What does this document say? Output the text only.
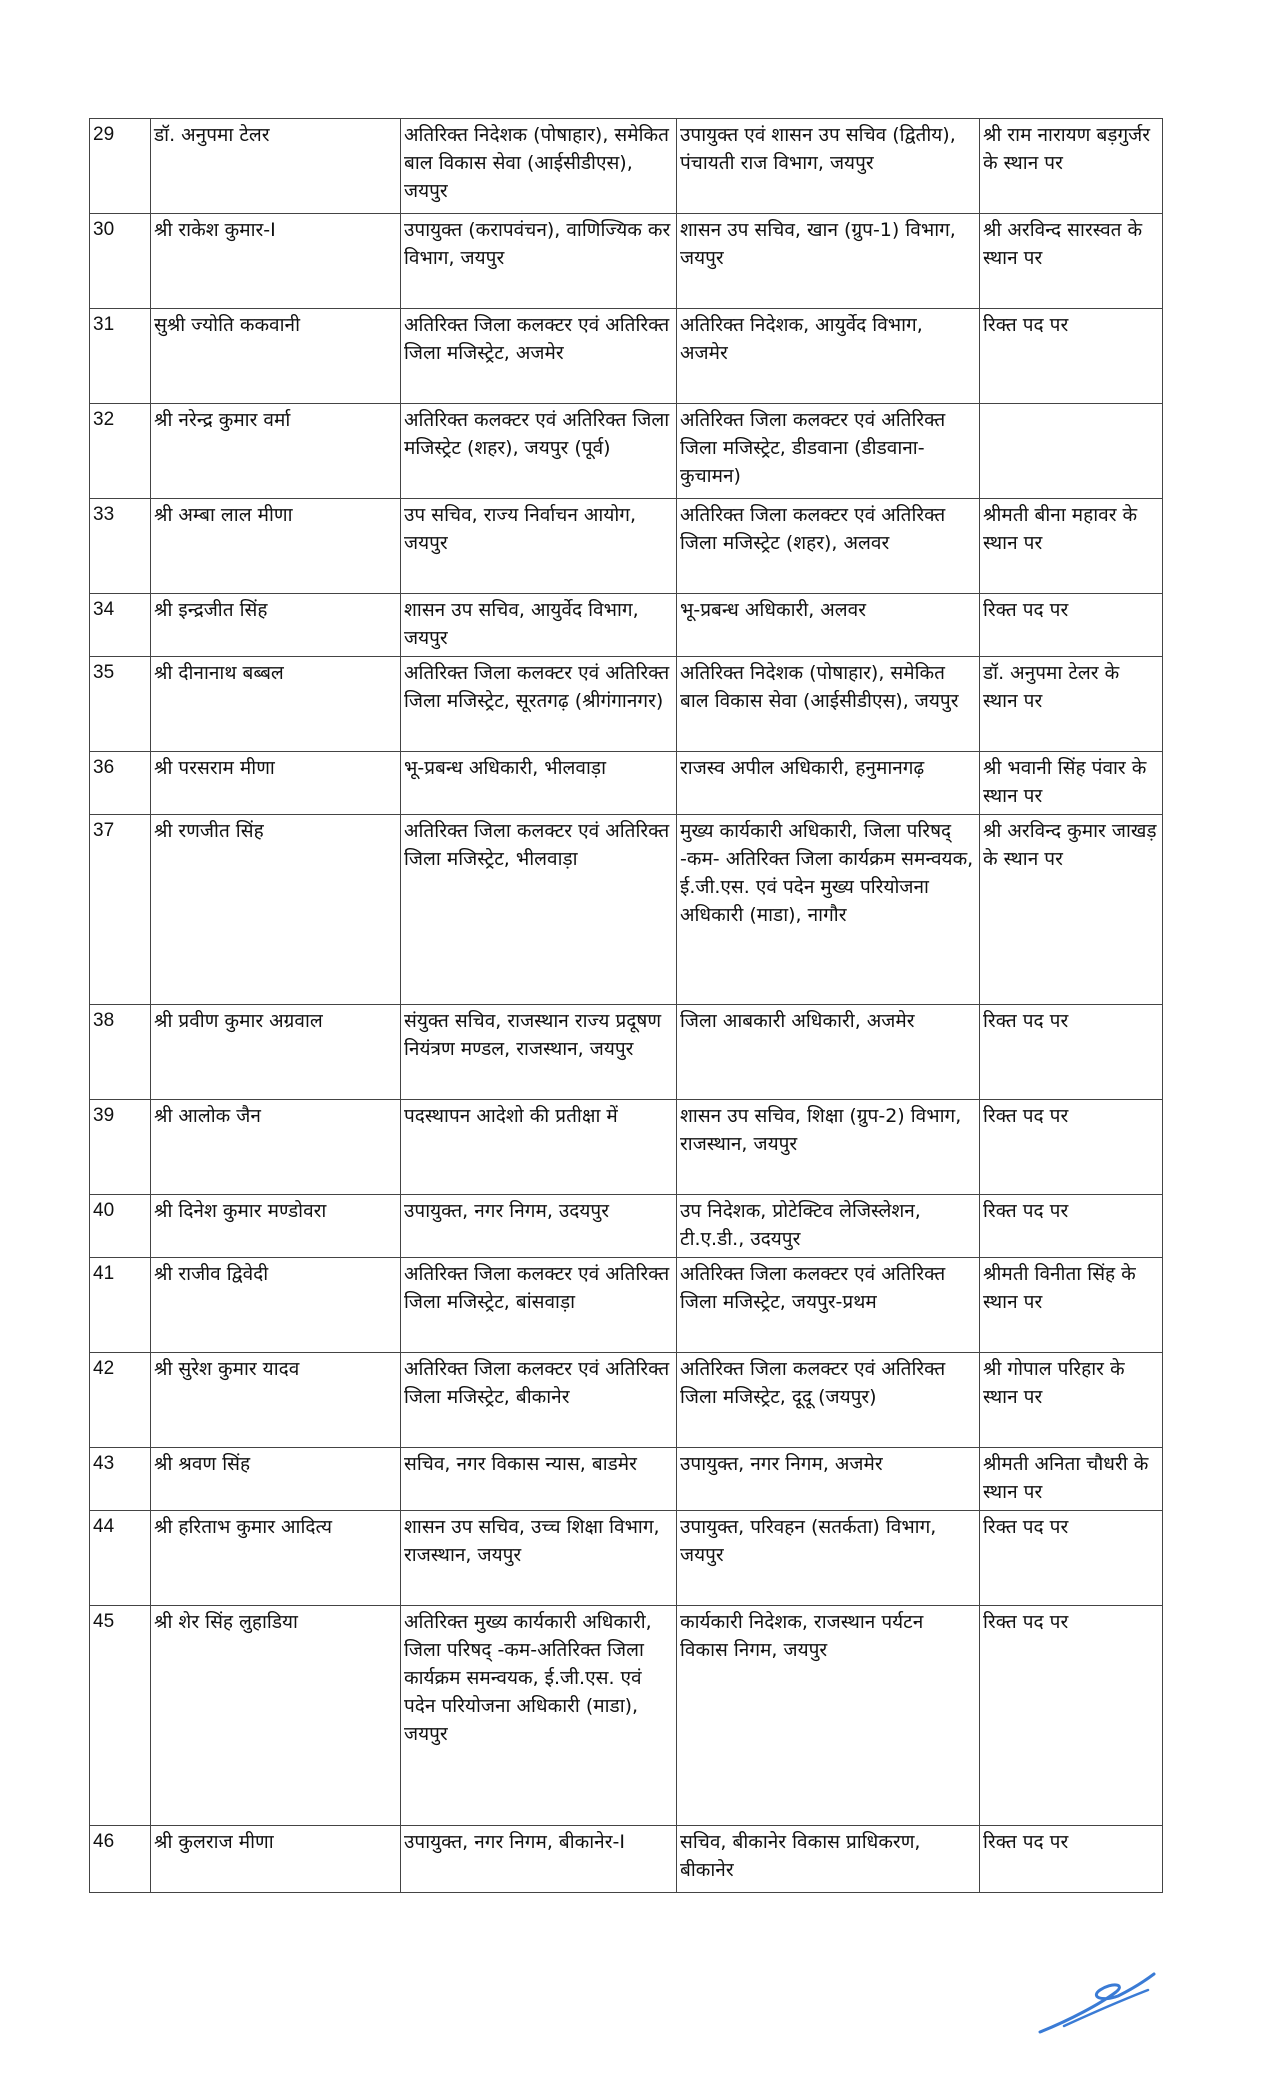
29	डॉ. अनुपमा टेलर	अतिरिक्त निदेशक (पोषाहार), समेकित बाल विकास सेवा (आईसीडीएस), जयपुर	उपायुक्त एवं शासन उप सचिव (द्वितीय), पंचायती राज विभाग, जयपुर	श्री राम नारायण बड़गुर्जर के स्थान पर
30	श्री राकेश कुमार-I	उपायुक्त (करापवंचन), वाणिज्यिक कर विभाग, जयपुर	शासन उप सचिव, खान (ग्रुप-1) विभाग, जयपुर	श्री अरविन्द सारस्वत के स्थान पर
31	सुश्री ज्योति ककवानी	अतिरिक्त जिला कलक्टर एवं अतिरिक्त जिला मजिस्ट्रेट, अजमेर	अतिरिक्त निदेशक, आयुर्वेद विभाग, अजमेर	रिक्त पद पर
32	श्री नरेन्द्र कुमार वर्मा	अतिरिक्त कलक्टर एवं अतिरिक्त जिला मजिस्ट्रेट (शहर), जयपुर (पूर्व)	अतिरिक्त जिला कलक्टर एवं अतिरिक्त जिला मजिस्ट्रेट, डीडवाना (डीडवाना-कुचामन)	
33	श्री अम्बा लाल मीणा	उप सचिव, राज्य निर्वाचन आयोग, जयपुर	अतिरिक्त जिला कलक्टर एवं अतिरिक्त जिला मजिस्ट्रेट (शहर), अलवर	श्रीमती बीना महावर के स्थान पर
34	श्री इन्द्रजीत सिंह	शासन उप सचिव, आयुर्वेद विभाग, जयपुर	भू-प्रबन्ध अधिकारी, अलवर	रिक्त पद पर
35	श्री दीनानाथ बब्बल	अतिरिक्त जिला कलक्टर एवं अतिरिक्त जिला मजिस्ट्रेट, सूरतगढ़ (श्रीगंगानगर)	अतिरिक्त निदेशक (पोषाहार), समेकित बाल विकास सेवा (आईसीडीएस), जयपुर	डॉ. अनुपमा टेलर के स्थान पर
36	श्री परसराम मीणा	भू-प्रबन्ध अधिकारी, भीलवाड़ा	राजस्व अपील अधिकारी, हनुमानगढ़	श्री भवानी सिंह पंवार के स्थान पर
37	श्री रणजीत सिंह	अतिरिक्त जिला कलक्टर एवं अतिरिक्त जिला मजिस्ट्रेट, भीलवाड़ा	मुख्य कार्यकारी अधिकारी, जिला परिषद् -कम- अतिरिक्त जिला कार्यक्रम समन्वयक, ई.जी.एस. एवं पदेन मुख्य परियोजना अधिकारी (माडा), नागौर	श्री अरविन्द कुमार जाखड़ के स्थान पर
38	श्री प्रवीण कुमार अग्रवाल	संयुक्त सचिव, राजस्थान राज्य प्रदूषण नियंत्रण मण्डल, राजस्थान, जयपुर	जिला आबकारी अधिकारी, अजमेर	रिक्त पद पर
39	श्री आलोक जैन	पदस्थापन आदेशो की प्रतीक्षा में	शासन उप सचिव, शिक्षा (ग्रुप-2) विभाग, राजस्थान, जयपुर	रिक्त पद पर
40	श्री दिनेश कुमार मण्डोवरा	उपायुक्त, नगर निगम, उदयपुर	उप निदेशक, प्रोटेक्टिव लेजिस्लेशन, टी.ए.डी., उदयपुर	रिक्त पद पर
41	श्री राजीव द्विवेदी	अतिरिक्त जिला कलक्टर एवं अतिरिक्त जिला मजिस्ट्रेट, बांसवाड़ा	अतिरिक्त जिला कलक्टर एवं अतिरिक्त जिला मजिस्ट्रेट, जयपुर-प्रथम	श्रीमती विनीता सिंह के स्थान पर
42	श्री सुरेश कुमार यादव	अतिरिक्त जिला कलक्टर एवं अतिरिक्त जिला मजिस्ट्रेट, बीकानेर	अतिरिक्त जिला कलक्टर एवं अतिरिक्त जिला मजिस्ट्रेट, दूदू (जयपुर)	श्री गोपाल परिहार के स्थान पर
43	श्री श्रवण सिंह	सचिव, नगर विकास न्यास, बाडमेर	उपायुक्त, नगर निगम, अजमेर	श्रीमती अनिता चौधरी के स्थान पर
44	श्री हरिताभ कुमार आदित्य	शासन उप सचिव, उच्च शिक्षा विभाग, राजस्थान, जयपुर	उपायुक्त, परिवहन (सतर्कता) विभाग, जयपुर	रिक्त पद पर
45	श्री शेर सिंह लुहाडिया	अतिरिक्त मुख्य कार्यकारी अधिकारी, जिला परिषद् -कम-अतिरिक्त जिला कार्यक्रम समन्वयक, ई.जी.एस. एवं पदेन परियोजना अधिकारी (माडा), जयपुर	कार्यकारी निदेशक, राजस्थान पर्यटन विकास निगम, जयपुर	रिक्त पद पर
46	श्री कुलराज मीणा	उपायुक्त, नगर निगम, बीकानेर-I	सचिव, बीकानेर विकास प्राधिकरण, बीकानेर	रिक्त पद पर
